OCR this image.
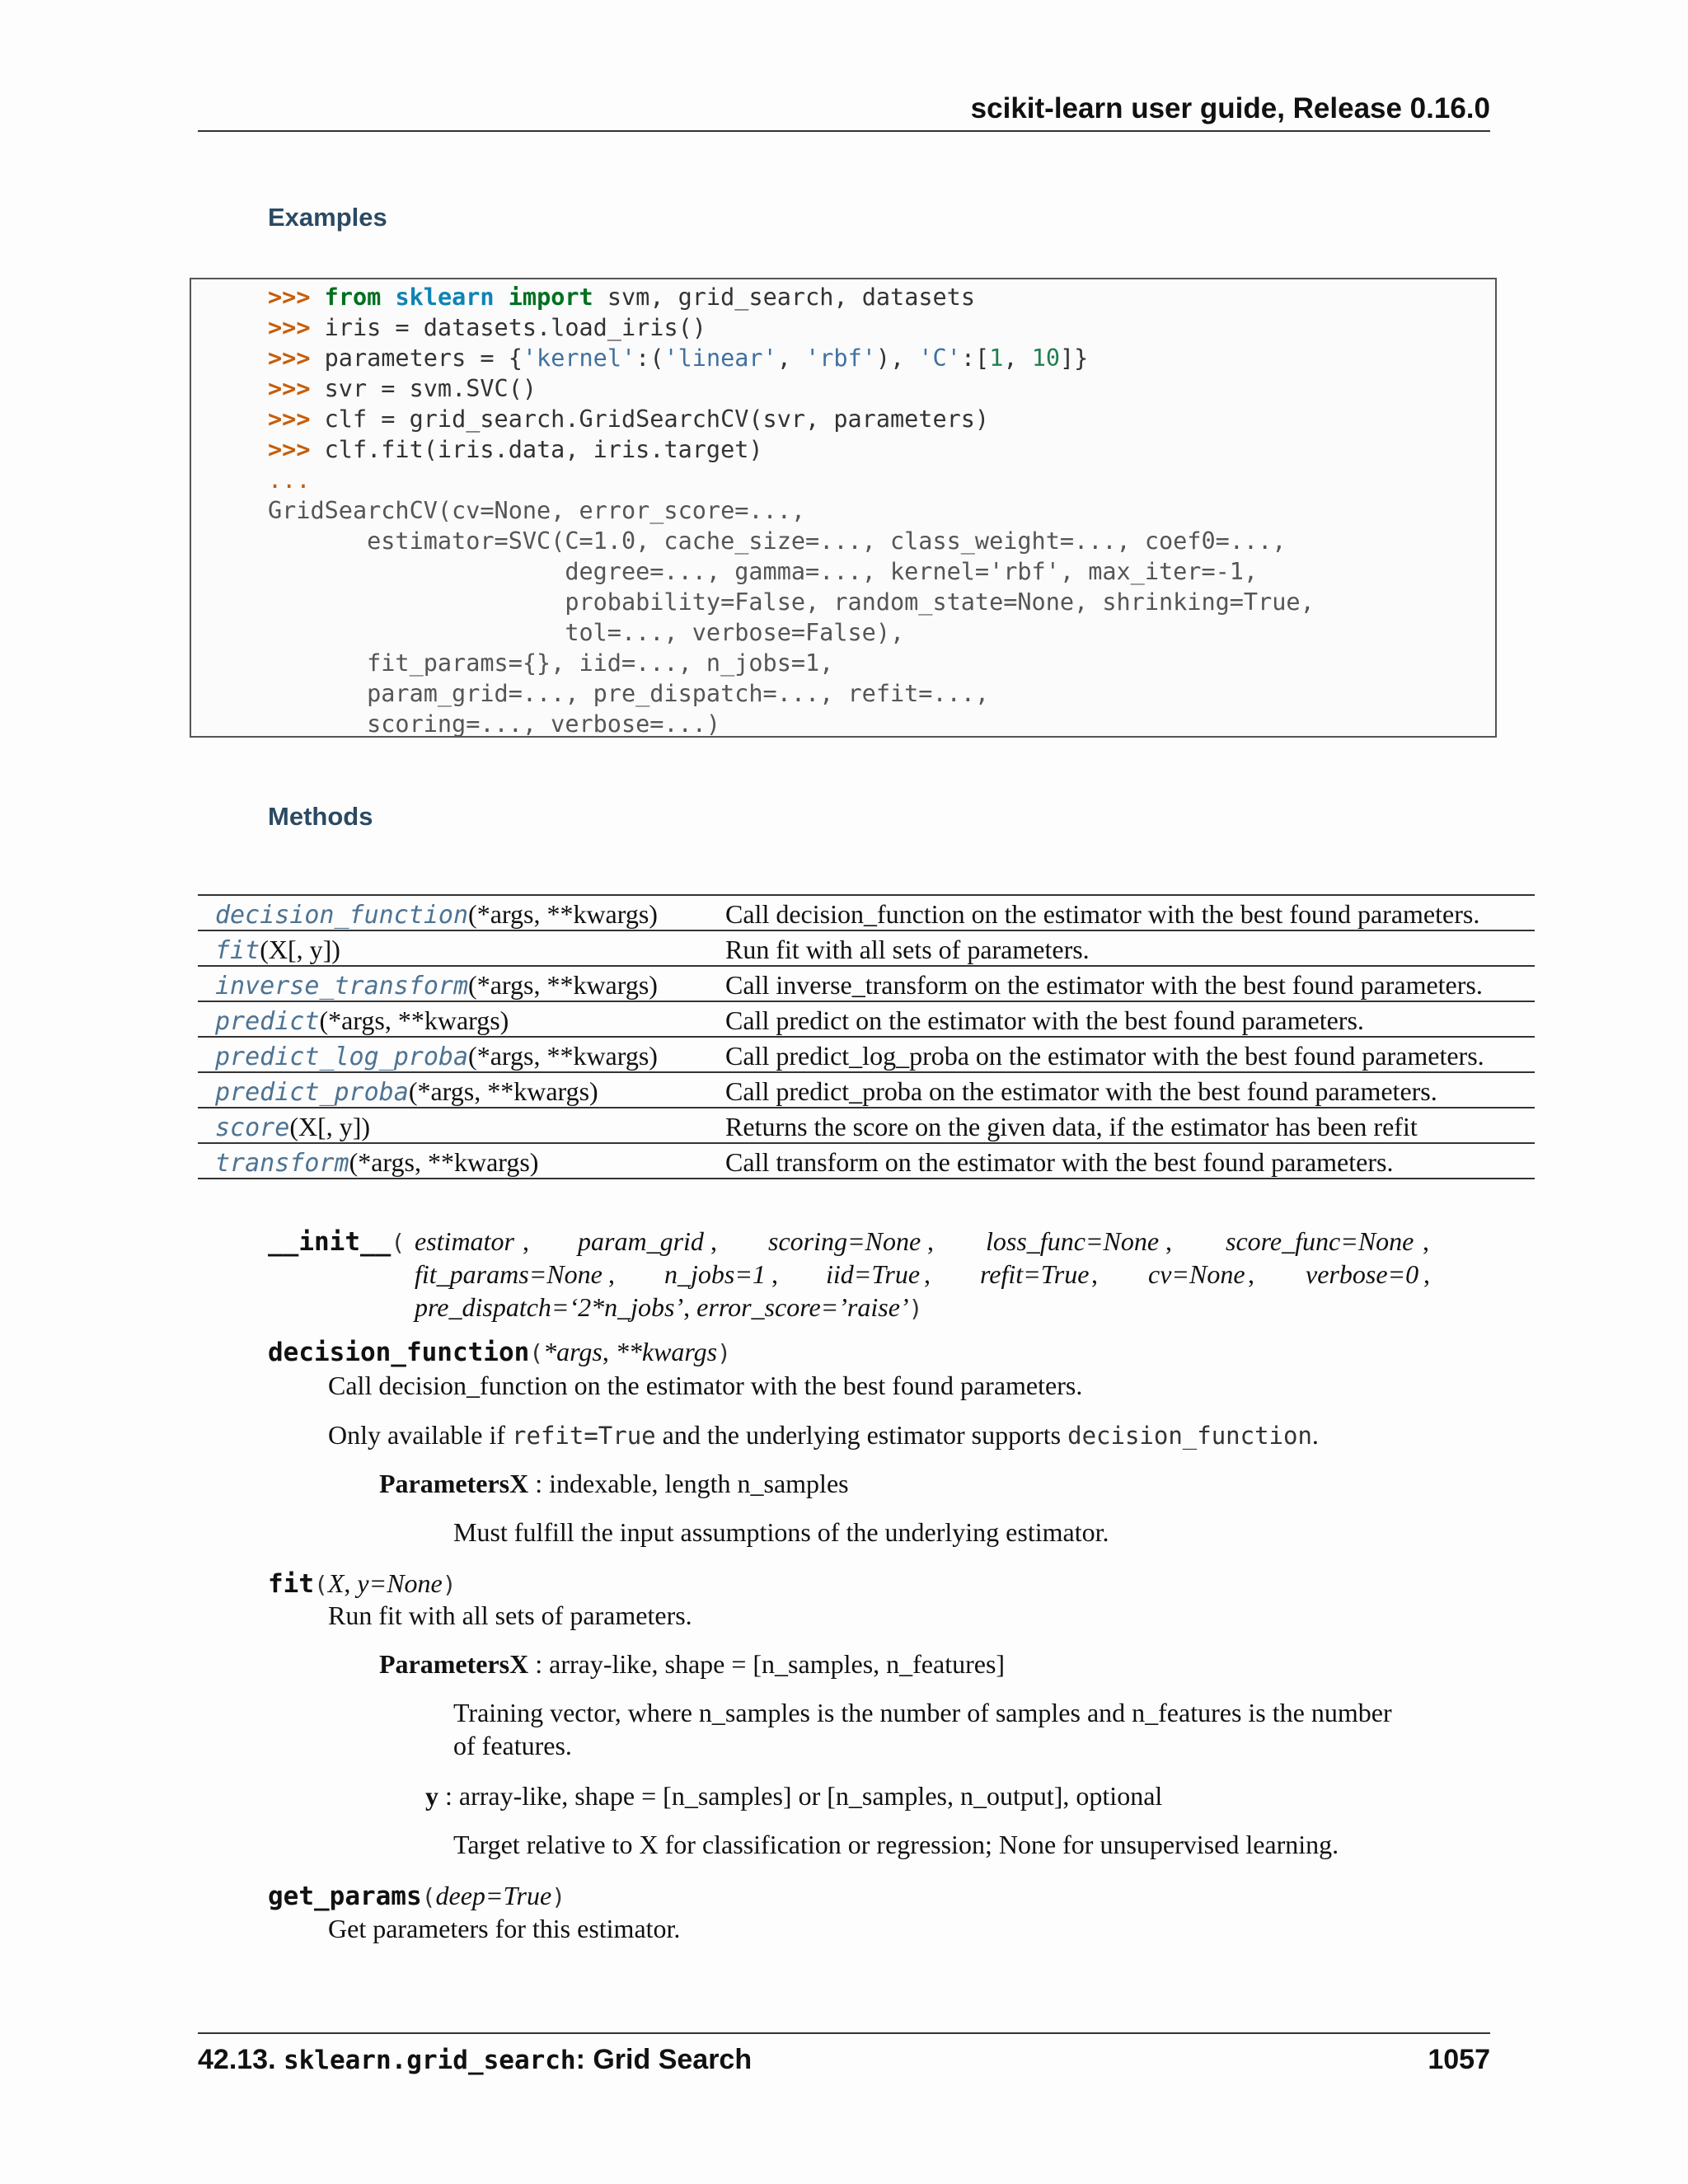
scikit-learn user guide, Release 0.16.0
Examples
>>> from sklearn import svm, grid_search, datasets
>>> iris = datasets.load_iris()
>>> parameters = {'kernel':('linear', 'rbf'), 'C':[1, 10]}
>>> svr = svm.SVC()
>>> clf = grid_search.GridSearchCV(svr, parameters)
>>> clf.fit(iris.data, iris.target)
...
GridSearchCV(cv=None, error_score=...,
estimator=SVC(C=1.0, cache_size=..., class_weight=..., coef0=...,
degree=..., gamma=..., kernel='rbf', max_iter=-1,
probability=False, random_state=None, shrinking=True,
tol=..., verbose=False),
fit_params={}, iid=..., n_jobs=1,
param_grid=..., pre_dispatch=..., refit=...,
scoring=..., verbose=...)
Methods
decision_function(*args, **kwargs)	Call decision_function on the estimator with the best found parameters.
fit(X[, y])	Run fit with all sets of parameters.
inverse_transform(*args, **kwargs)	Call inverse_transform on the estimator with the best found parameters.
predict(*args, **kwargs)	Call predict on the estimator with the best found parameters.
predict_log_proba(*args, **kwargs)	Call predict_log_proba on the estimator with the best found parameters.
predict_proba(*args, **kwargs)	Call predict_proba on the estimator with the best found parameters.
score(X[, y])	Returns the score on the given data, if the estimator has been refit
transform(*args, **kwargs)	Call transform on the estimator with the best found parameters.
__init__( estimator , param_grid , scoring=None , loss_func=None , score_func=None ,
fit_params=None , n_jobs=1 , iid=True , refit=True , cv=None , verbose=0 ,
pre_dispatch=‘2*n_jobs’, error_score=’raise’)
decision_function(*args, **kwargs)
Call decision_function on the estimator with the best found parameters.
Only available if refit=True and the underlying estimator supports decision_function.
ParametersX : indexable, length n_samples
Must fulfill the input assumptions of the underlying estimator.
fit(X, y=None)
Run fit with all sets of parameters.
ParametersX : array-like, shape = [n_samples, n_features]
Training vector, where n_samples is the number of samples and n_features is the number
of features.
y : array-like, shape = [n_samples] or [n_samples, n_output], optional
Target relative to X for classification or regression; None for unsupervised learning.
get_params(deep=True)
Get parameters for this estimator.
42.13. sklearn.grid_search: Grid Search	1057
